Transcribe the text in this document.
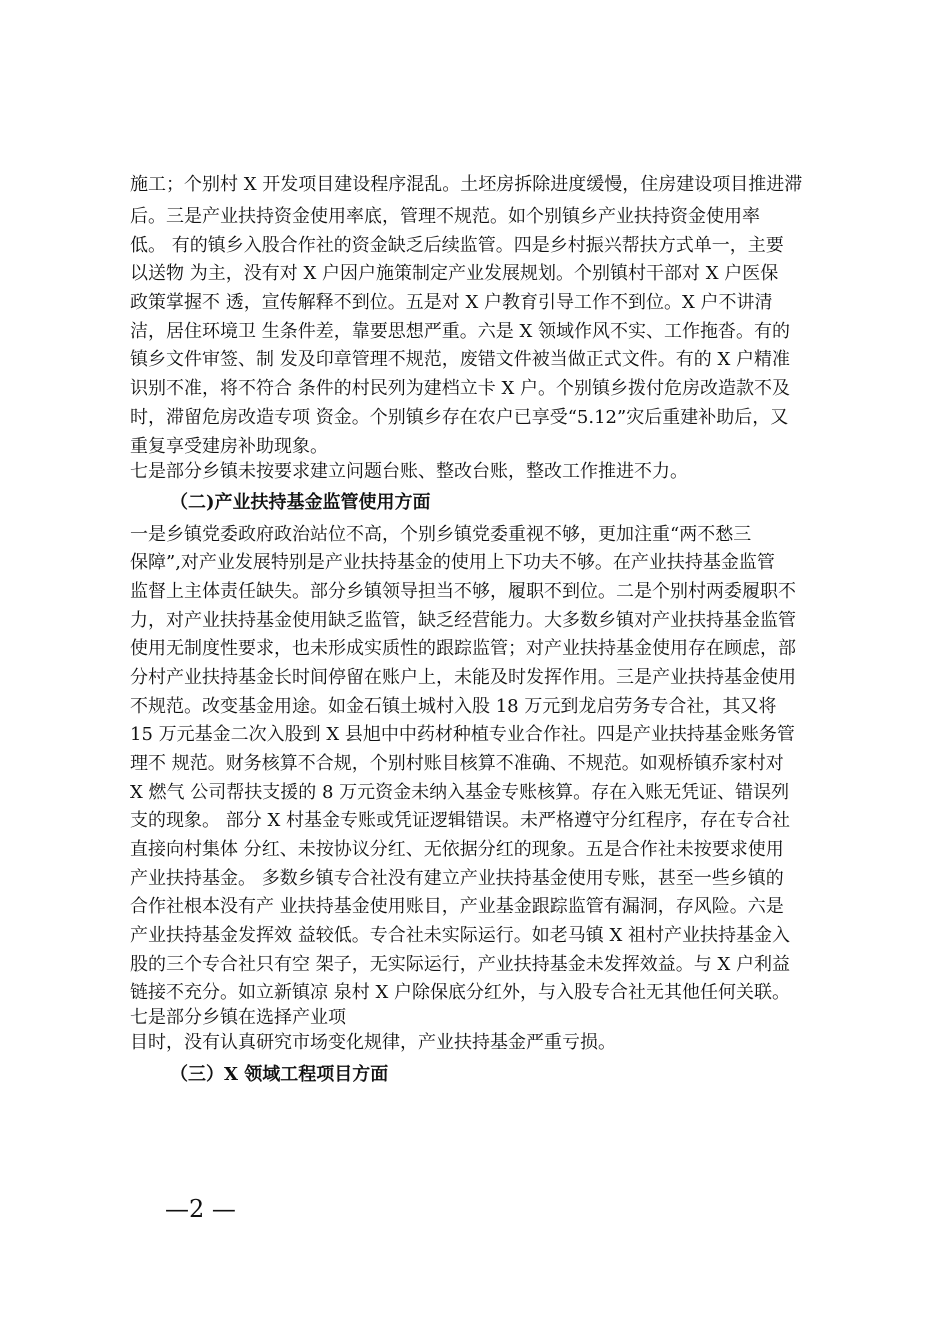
施工；个别村 X 开发项目建设程序混乱。土坯房拆除进度缓慢，住房建设项目推进滞
后。三是产业扶持资金使用率底，管理不规范。如个别镇乡产业扶持资金使用率
低。 有的镇乡入股合作社的资金缺乏后续监管。四是乡村振兴帮扶方式单一，主要
以送物 为主，没有对 X 户因户施策制定产业发展规划。个别镇村干部对 X 户医保
政策掌握不 透，宣传解释不到位。五是对 X 户教育引导工作不到位。X 户不讲清
洁，居住环境卫 生条件差，靠要思想严重。六是 X 领域作风不实、工作拖沓。有的
镇乡文件审签、制 发及印章管理不规范，废错文件被当做正式文件。有的 X 户精准
识别不准，将不符合 条件的村民列为建档立卡 X 户。个别镇乡拨付危房改造款不及
时，滞留危房改造专项 资金。个别镇乡存在农户已享受“5.12”灾后重建补助后，又
重复享受建房补助现象。
七是部分乡镇未按要求建立问题台账、整改台账，整改工作推进不力。
（二)产业扶持基金监管使用方面
一是乡镇党委政府政治站位不高，个别乡镇党委重视不够，更加注重“两不愁三
保障”,对产业发展特别是产业扶持基金的使用上下功夫不够。在产业扶持基金监管
监督上主体责任缺失。部分乡镇领导担当不够，履职不到位。二是个别村两委履职不
力，对产业扶持基金使用缺乏监管，缺乏经营能力。大多数乡镇对产业扶持基金监管
使用无制度性要求，也未形成实质性的跟踪监管；对产业扶持基金使用存在顾虑，部
分村产业扶持基金长时间停留在账户上，未能及时发挥作用。三是产业扶持基金使用
不规范。改变基金用途。如金石镇土城村入股 18 万元到龙启劳务专合社，其又将
15 万元基金二次入股到 X 县旭中中药材种植专业合作社。四是产业扶持基金账务管
理不 规范。财务核算不合规，个别村账目核算不准确、不规范。如观桥镇乔家村对
X 燃气 公司帮扶支援的 8 万元资金未纳入基金专账核算。存在入账无凭证、错误列
支的现象。 部分 X 村基金专账或凭证逻辑错误。未严格遵守分红程序，存在专合社
直接向村集体 分红、未按协议分红、无依据分红的现象。五是合作社未按要求使用
产业扶持基金。 多数乡镇专合社没有建立产业扶持基金使用专账，甚至一些乡镇的
合作社根本没有产 业扶持基金使用账目，产业基金跟踪监管有漏洞，存风险。六是
产业扶持基金发挥效 益较低。专合社未实际运行。如老马镇 X 祖村产业扶持基金入
股的三个专合社只有空 架子，无实际运行，产业扶持基金未发挥效益。与 X 户利益
链接不充分。如立新镇凉 泉村 X 户除保底分红外，与入股专合社无其他任何关联。
七是部分乡镇在选择产业项
目时，没有认真研究市场变化规律，产业扶持基金严重亏损。
（三）X 领域工程项目方面
—2 —
